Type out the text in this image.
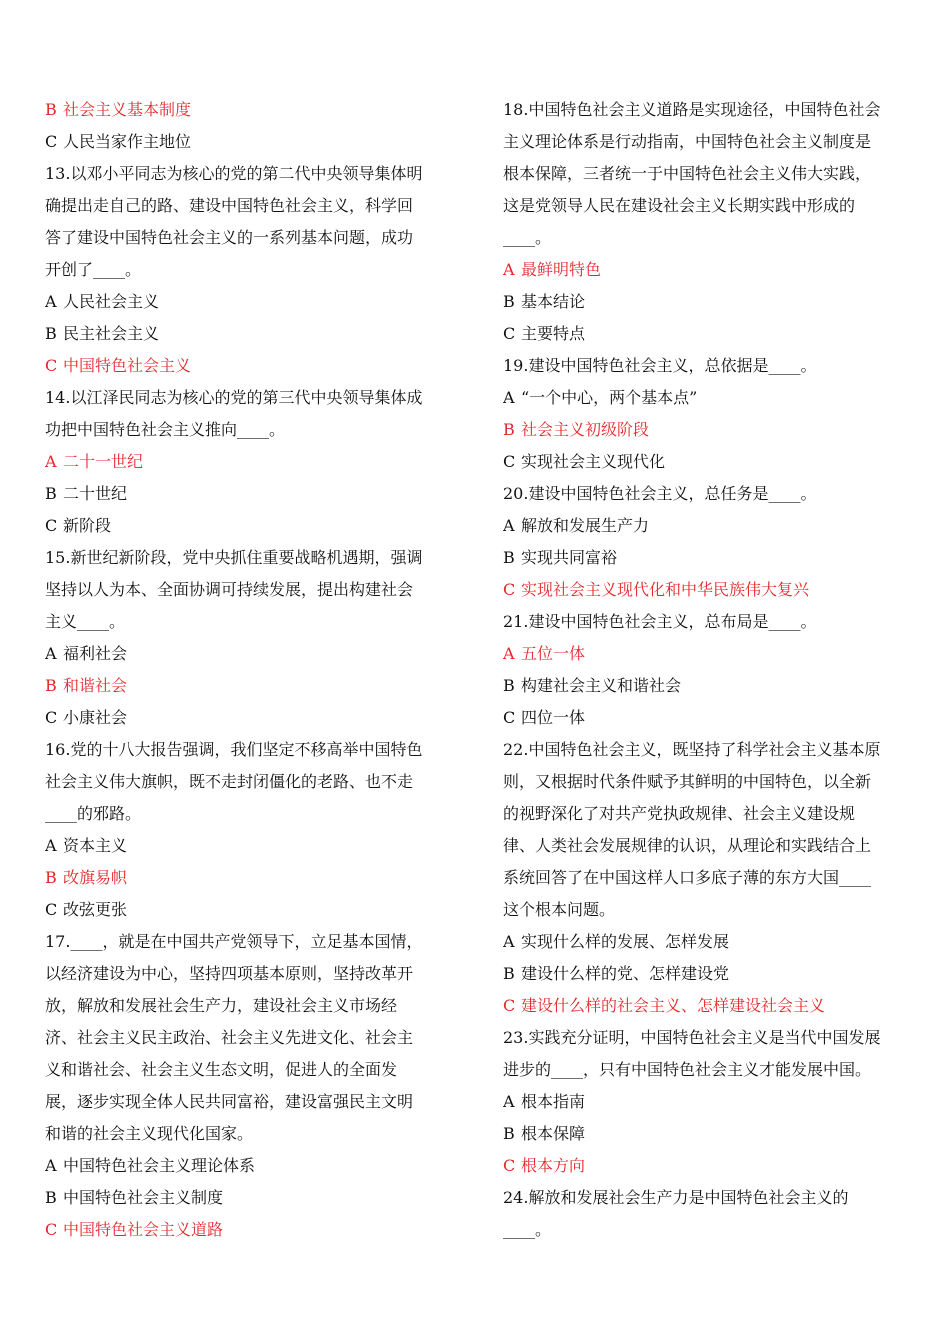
B 社会主义基本制度
C 人民当家作主地位
13.以邓小平同志为核心的党的第二代中央领导集体明
确提出走自己的路、建设中国特色社会主义，科学回
答了建设中国特色社会主义的一系列基本问题，成功
开创了____。
A 人民社会主义
B 民主社会主义
C 中国特色社会主义
14.以江泽民同志为核心的党的第三代中央领导集体成
功把中国特色社会主义推向____。
A 二十一世纪
B 二十世纪
C 新阶段
15.新世纪新阶段，党中央抓住重要战略机遇期，强调
坚持以人为本、全面协调可持续发展，提出构建社会
主义____。
A 福利社会
B 和谐社会
C 小康社会
16.党的十八大报告强调，我们坚定不移高举中国特色
社会主义伟大旗帜，既不走封闭僵化的老路、也不走
____的邪路。
A 资本主义
B 改旗易帜
C 改弦更张
17.____，就是在中国共产党领导下，立足基本国情，
以经济建设为中心，坚持四项基本原则，坚持改革开
放，解放和发展社会生产力，建设社会主义市场经
济、社会主义民主政治、社会主义先进文化、社会主
义和谐社会、社会主义生态文明，促进人的全面发
展，逐步实现全体人民共同富裕，建设富强民主文明
和谐的社会主义现代化国家。
A 中国特色社会主义理论体系
B 中国特色社会主义制度
C 中国特色社会主义道路
18.中国特色社会主义道路是实现途径，中国特色社会
主义理论体系是行动指南，中国特色社会主义制度是
根本保障，三者统一于中国特色社会主义伟大实践，
这是党领导人民在建设社会主义长期实践中形成的
____。
A 最鲜明特色
B 基本结论
C 主要特点
19.建设中国特色社会主义，总依据是____。
A “一个中心，两个基本点”
B 社会主义初级阶段
C 实现社会主义现代化
20.建设中国特色社会主义，总任务是____。
A 解放和发展生产力
B 实现共同富裕
C 实现社会主义现代化和中华民族伟大复兴
21.建设中国特色社会主义，总布局是____。
A 五位一体
B 构建社会主义和谐社会
C 四位一体
22.中国特色社会主义，既坚持了科学社会主义基本原
则，又根据时代条件赋予其鲜明的中国特色，以全新
的视野深化了对共产党执政规律、社会主义建设规
律、人类社会发展规律的认识，从理论和实践结合上
系统回答了在中国这样人口多底子薄的东方大国____
这个根本问题。
A 实现什么样的发展、怎样发展
B 建设什么样的党、怎样建设党
C 建设什么样的社会主义、怎样建设社会主义
23.实践充分证明，中国特色社会主义是当代中国发展
进步的____，只有中国特色社会主义才能发展中国。
A 根本指南
B 根本保障
C 根本方向
24.解放和发展社会生产力是中国特色社会主义的
____。
